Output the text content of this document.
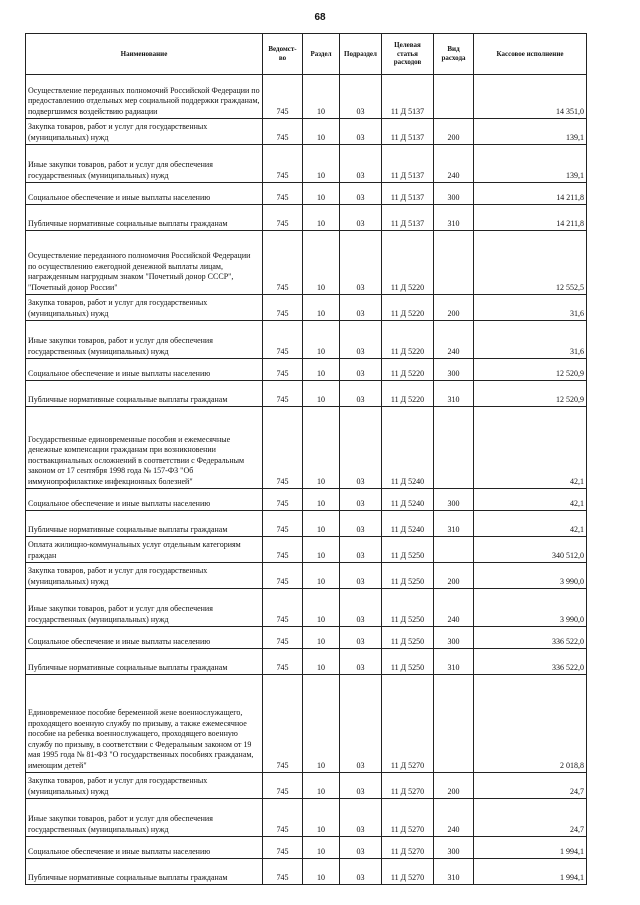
68
Наименование	Ведомст-во	Раздел	Подраздел	Целевая статья расходов	Вид расхода	Кассовое исполнение
Осуществление переданных полномочий Российской Федерации по предоставлению отдельных мер социальной поддержки гражданам, подвергшимся воздействию радиации	745	10	03	11 Д 5137		14 351,0
Закупка товаров, работ и услуг для государственных (муниципальных) нужд	745	10	03	11 Д 5137	200	139,1
Иные закупки товаров, работ и услуг для обеспечения государственных (муниципальных) нужд	745	10	03	11 Д 5137	240	139,1
Социальное обеспечение и иные выплаты населению	745	10	03	11 Д 5137	300	14 211,8
Публичные нормативные социальные выплаты гражданам	745	10	03	11 Д 5137	310	14 211,8
Осуществление переданного полномочия Российской Федерации по осуществлению ежегодной денежной выплаты лицам, награжденным нагрудным знаком "Почетный донор СССР", "Почетный донор России"	745	10	03	11 Д 5220		12 552,5
Закупка товаров, работ и услуг для государственных (муниципальных) нужд	745	10	03	11 Д 5220	200	31,6
Иные закупки товаров, работ и услуг для обеспечения государственных (муниципальных) нужд	745	10	03	11 Д 5220	240	31,6
Социальное обеспечение и иные выплаты населению	745	10	03	11 Д 5220	300	12 520,9
Публичные нормативные социальные выплаты гражданам	745	10	03	11 Д 5220	310	12 520,9
Государственные единовременные пособия и ежемесячные денежные компенсации гражданам при возникновении поствакцинальных осложнений в соответствии с Федеральным законом от 17 сентября 1998 года № 157-ФЗ "Об иммунопрофилактике инфекционных болезней"	745	10	03	11 Д 5240		42,1
Социальное обеспечение и иные выплаты населению	745	10	03	11 Д 5240	300	42,1
Публичные нормативные социальные выплаты гражданам	745	10	03	11 Д 5240	310	42,1
Оплата жилищно-коммунальных услуг отдельным категориям граждан	745	10	03	11 Д 5250		340 512,0
Закупка товаров, работ и услуг для государственных (муниципальных) нужд	745	10	03	11 Д 5250	200	3 990,0
Иные закупки товаров, работ и услуг для обеспечения государственных (муниципальных) нужд	745	10	03	11 Д 5250	240	3 990,0
Социальное обеспечение и иные выплаты населению	745	10	03	11 Д 5250	300	336 522,0
Публичные нормативные социальные выплаты гражданам	745	10	03	11 Д 5250	310	336 522,0
Единовременное пособие беременной жене военнослужащего, проходящего военную службу по призыву, а также ежемесячное пособие на ребенка военнослужащего, проходящего военную службу по призыву, в соответствии с Федеральным законом от 19 мая 1995 года № 81-ФЗ "О государственных пособиях гражданам, имеющим детей"	745	10	03	11 Д 5270		2 018,8
Закупка товаров, работ и услуг для государственных (муниципальных) нужд	745	10	03	11 Д 5270	200	24,7
Иные закупки товаров, работ и услуг для обеспечения государственных (муниципальных) нужд	745	10	03	11 Д 5270	240	24,7
Социальное обеспечение и иные выплаты населению	745	10	03	11 Д 5270	300	1 994,1
Публичные нормативные социальные выплаты гражданам	745	10	03	11 Д 5270	310	1 994,1
